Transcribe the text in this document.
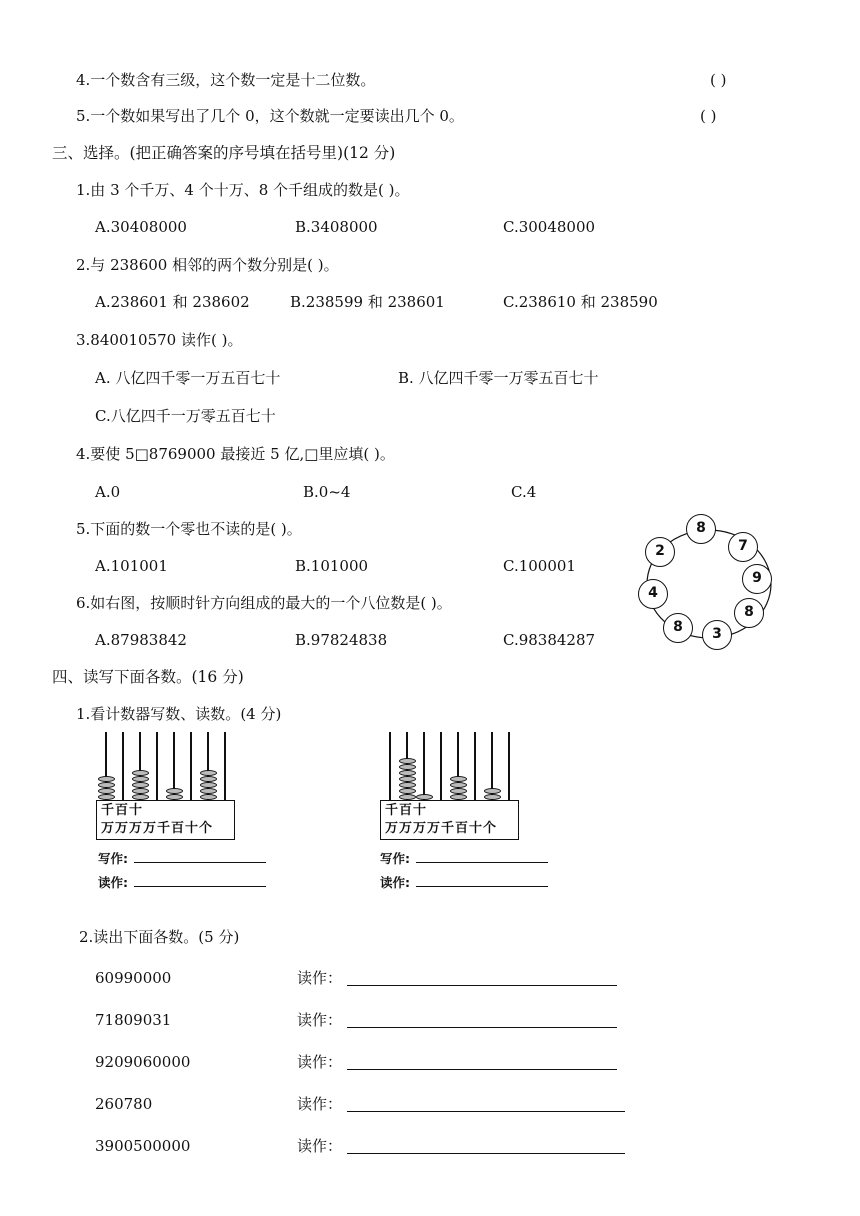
4.一个数含有三级，这个数一定是十二位数。	( )
5.一个数如果写出了几个 0，这个数就一定要读出几个 0。	( )
三、选择。(把正确答案的序号填在括号里)(12 分)
1.由 3 个千万、4 个十万、8 个千组成的数是( )。
A.30408000	B.3408000	C.30048000
2.与 238600 相邻的两个数分别是( )。
A.238601 和 238602	B.238599 和 238601	C.238610 和 238590
3.840010570 读作( )。
A. 八亿四千零一万五百七十	B. 八亿四千零一万零五百七十
C.八亿四千一万零五百七十
4.要使 5□8769000 最接近 5 亿,□里应填( )。
A.0	B.0~4	C.4
5.下面的数一个零也不读的是( )。
A.101001	B.101000	C.100001
6.如右图，按顺时针方向组成的最大的一个八位数是( )。
A.87983842	B.97824838	C.98384287
8
7
9
8
3
8
4
2
四、读写下面各数。(16 分)
1.看计数器写数、读数。(4 分)
千百十
万万万万千百十个
写作:
读作:
千百十
万万万万千百十个
写作:
读作:
2.读出下面各数。(5 分)
60990000	读作：
71809031	读作：
9209060000	读作：
260780	读作：
3900500000	读作：
